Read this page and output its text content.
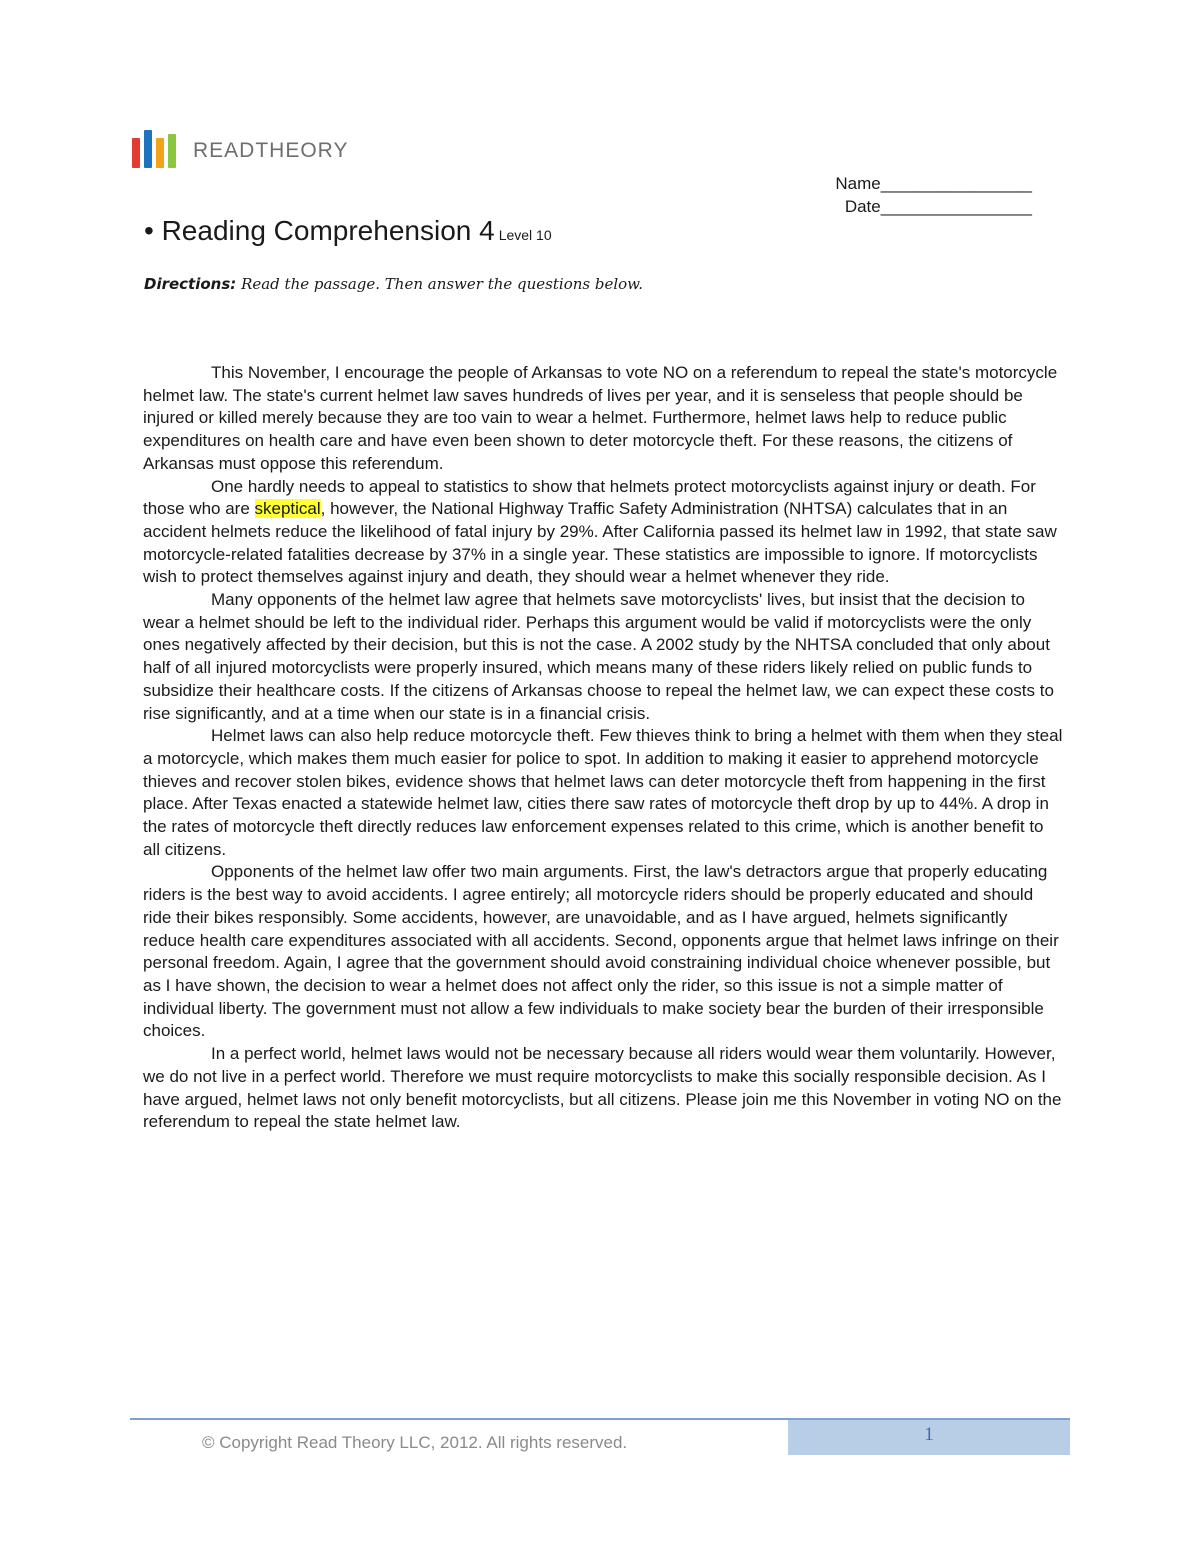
READTHEORY
Name________________
Date________________
• Reading Comprehension 4 Level 10
Directions: Read the passage. Then answer the questions below.

This November, I encourage the people of Arkansas to vote NO on a referendum to repeal the state's motorcycle helmet law. The state's current helmet law saves hundreds of lives per year, and it is senseless that people should be injured or killed merely because they are too vain to wear a helmet. Furthermore, helmet laws help to reduce public expenditures on health care and have even been shown to deter motorcycle theft. For these reasons, the citizens of Arkansas must oppose this referendum.

One hardly needs to appeal to statistics to show that helmets protect motorcyclists against injury or death. For those who are skeptical, however, the National Highway Traffic Safety Administration (NHTSA) calculates that in an accident helmets reduce the likelihood of fatal injury by 29%. After California passed its helmet law in 1992, that state saw motorcycle-related fatalities decrease by 37% in a single year. These statistics are impossible to ignore. If motorcyclists wish to protect themselves against injury and death, they should wear a helmet whenever they ride.

Many opponents of the helmet law agree that helmets save motorcyclists' lives, but insist that the decision to wear a helmet should be left to the individual rider. Perhaps this argument would be valid if motorcyclists were the only ones negatively affected by their decision, but this is not the case. A 2002 study by the NHTSA concluded that only about half of all injured motorcyclists were properly insured, which means many of these riders likely relied on public funds to subsidize their healthcare costs. If the citizens of Arkansas choose to repeal the helmet law, we can expect these costs to rise significantly, and at a time when our state is in a financial crisis.

Helmet laws can also help reduce motorcycle theft. Few thieves think to bring a helmet with them when they steal a motorcycle, which makes them much easier for police to spot. In addition to making it easier to apprehend motorcycle thieves and recover stolen bikes, evidence shows that helmet laws can deter motorcycle theft from happening in the first place. After Texas enacted a statewide helmet law, cities there saw rates of motorcycle theft drop by up to 44%. A drop in the rates of motorcycle theft directly reduces law enforcement expenses related to this crime, which is another benefit to all citizens.

Opponents of the helmet law offer two main arguments. First, the law's detractors argue that properly educating riders is the best way to avoid accidents. I agree entirely; all motorcycle riders should be properly educated and should ride their bikes responsibly. Some accidents, however, are unavoidable, and as I have argued, helmets significantly reduce health care expenditures associated with all accidents. Second, opponents argue that helmet laws infringe on their personal freedom. Again, I agree that the government should avoid constraining individual choice whenever possible, but as I have shown, the decision to wear a helmet does not affect only the rider, so this issue is not a simple matter of individual liberty. The government must not allow a few individuals to make society bear the burden of their irresponsible choices.

In a perfect world, helmet laws would not be necessary because all riders would wear them voluntarily. However, we do not live in a perfect world. Therefore we must require motorcyclists to make this socially responsible decision. As I have argued, helmet laws not only benefit motorcyclists, but all citizens. Please join me this November in voting NO on the referendum to repeal the state helmet law.

© Copyright Read Theory LLC, 2012. All rights reserved.	1
